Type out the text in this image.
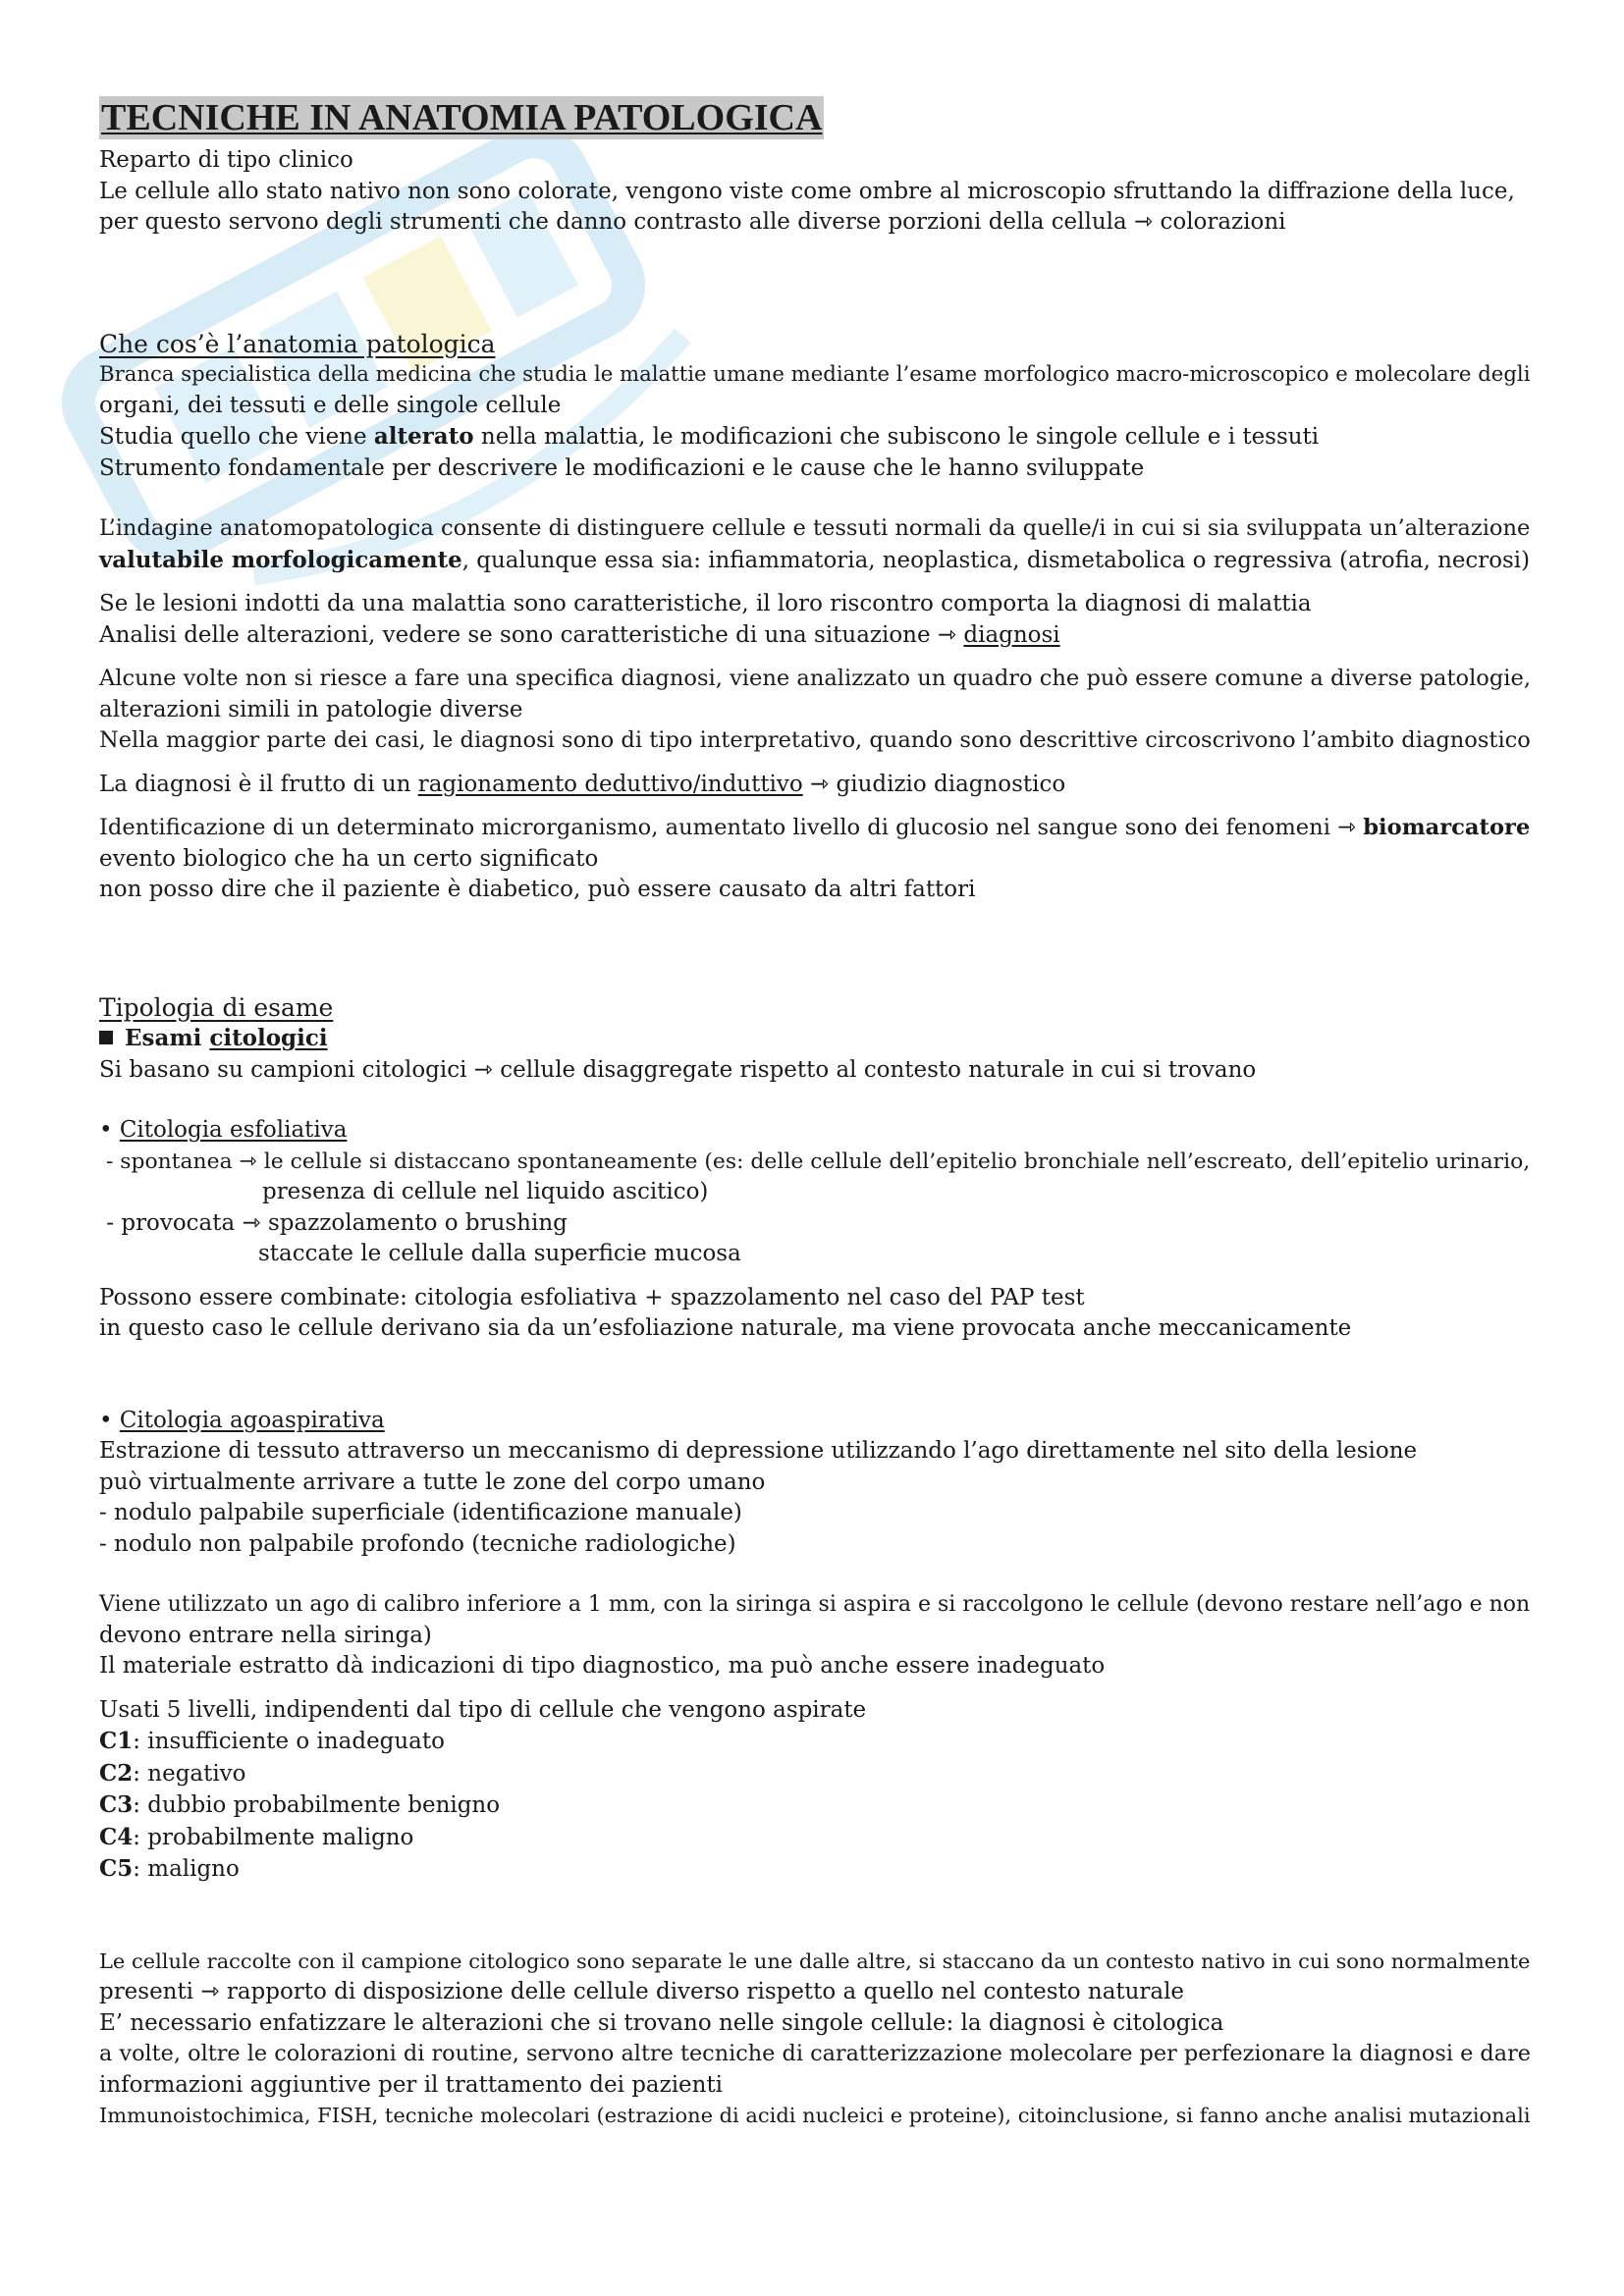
TECNICHE IN ANATOMIA PATOLOGICA

Reparto di tipo clinico

Le cellule allo stato nativo non sono colorate, vengono viste come ombre al microscopio sfruttando la diffrazione della luce,

per questo servono degli strumenti che danno contrasto alle diverse porzioni della cellula ⇾ colorazioni

Che cos’è l’anatomia patologica

Branca specialistica della medicina che studia le malattie umane mediante l’esame morfologico macro-microscopico e molecolare degli

organi, dei tessuti e delle singole cellule

Studia quello che viene alterato nella malattia, le modificazioni che subiscono le singole cellule e i tessuti

Strumento fondamentale per descrivere le modificazioni e le cause che le hanno sviluppate

L’indagine anatomopatologica consente di distinguere cellule e tessuti normali da quelle/i in cui si sia sviluppata un’alterazione

valutabile morfologicamente, qualunque essa sia: infiammatoria, neoplastica, dismetabolica o regressiva (atrofia, necrosi)

Se le lesioni indotti da una malattia sono caratteristiche, il loro riscontro comporta la diagnosi di malattia

Analisi delle alterazioni, vedere se sono caratteristiche di una situazione ⇾ diagnosi

Alcune volte non si riesce a fare una specifica diagnosi, viene analizzato un quadro che può essere comune a diverse patologie,

alterazioni simili in patologie diverse

Nella maggior parte dei casi, le diagnosi sono di tipo interpretativo, quando sono descrittive circoscrivono l’ambito diagnostico

La diagnosi è il frutto di un ragionamento deduttivo/induttivo ⇾ giudizio diagnostico

Identificazione di un determinato microrganismo, aumentato livello di glucosio nel sangue sono dei fenomeni ⇾ biomarcatore

evento biologico che ha un certo significato

non posso dire che il paziente è diabetico, può essere causato da altri fattori

Tipologia di esame

Esami citologici

Si basano su campioni citologici ⇾ cellule disaggregate rispetto al contesto naturale in cui si trovano

• Citologia esfoliativa

- spontanea ⇾ le cellule si distaccano spontaneamente (es: delle cellule dell’epitelio bronchiale nell’escreato, dell’epitelio urinario,

presenza di cellule nel liquido ascitico)

- provocata ⇾ spazzolamento o brushing

staccate le cellule dalla superficie mucosa

Possono essere combinate: citologia esfoliativa + spazzolamento nel caso del PAP test

in questo caso le cellule derivano sia da un’esfoliazione naturale, ma viene provocata anche meccanicamente

• Citologia agoaspirativa

Estrazione di tessuto attraverso un meccanismo di depressione utilizzando l’ago direttamente nel sito della lesione

può virtualmente arrivare a tutte le zone del corpo umano

- nodulo palpabile superficiale (identificazione manuale)

- nodulo non palpabile profondo (tecniche radiologiche)

Viene utilizzato un ago di calibro inferiore a 1 mm, con la siringa si aspira e si raccolgono le cellule (devono restare nell’ago e non

devono entrare nella siringa)

Il materiale estratto dà indicazioni di tipo diagnostico, ma può anche essere inadeguato

Usati 5 livelli, indipendenti dal tipo di cellule che vengono aspirate

C1: insufficiente o inadeguato

C2: negativo

C3: dubbio probabilmente benigno

C4: probabilmente maligno

C5: maligno

Le cellule raccolte con il campione citologico sono separate le une dalle altre, si staccano da un contesto nativo in cui sono normalmente

presenti ⇾ rapporto di disposizione delle cellule diverso rispetto a quello nel contesto naturale

E’ necessario enfatizzare le alterazioni che si trovano nelle singole cellule: la diagnosi è citologica

a volte, oltre le colorazioni di routine, servono altre tecniche di caratterizzazione molecolare per perfezionare la diagnosi e dare

informazioni aggiuntive per il trattamento dei pazienti

Immunoistochimica, FISH, tecniche molecolari (estrazione di acidi nucleici e proteine), citoinclusione, si fanno anche analisi mutazionali
